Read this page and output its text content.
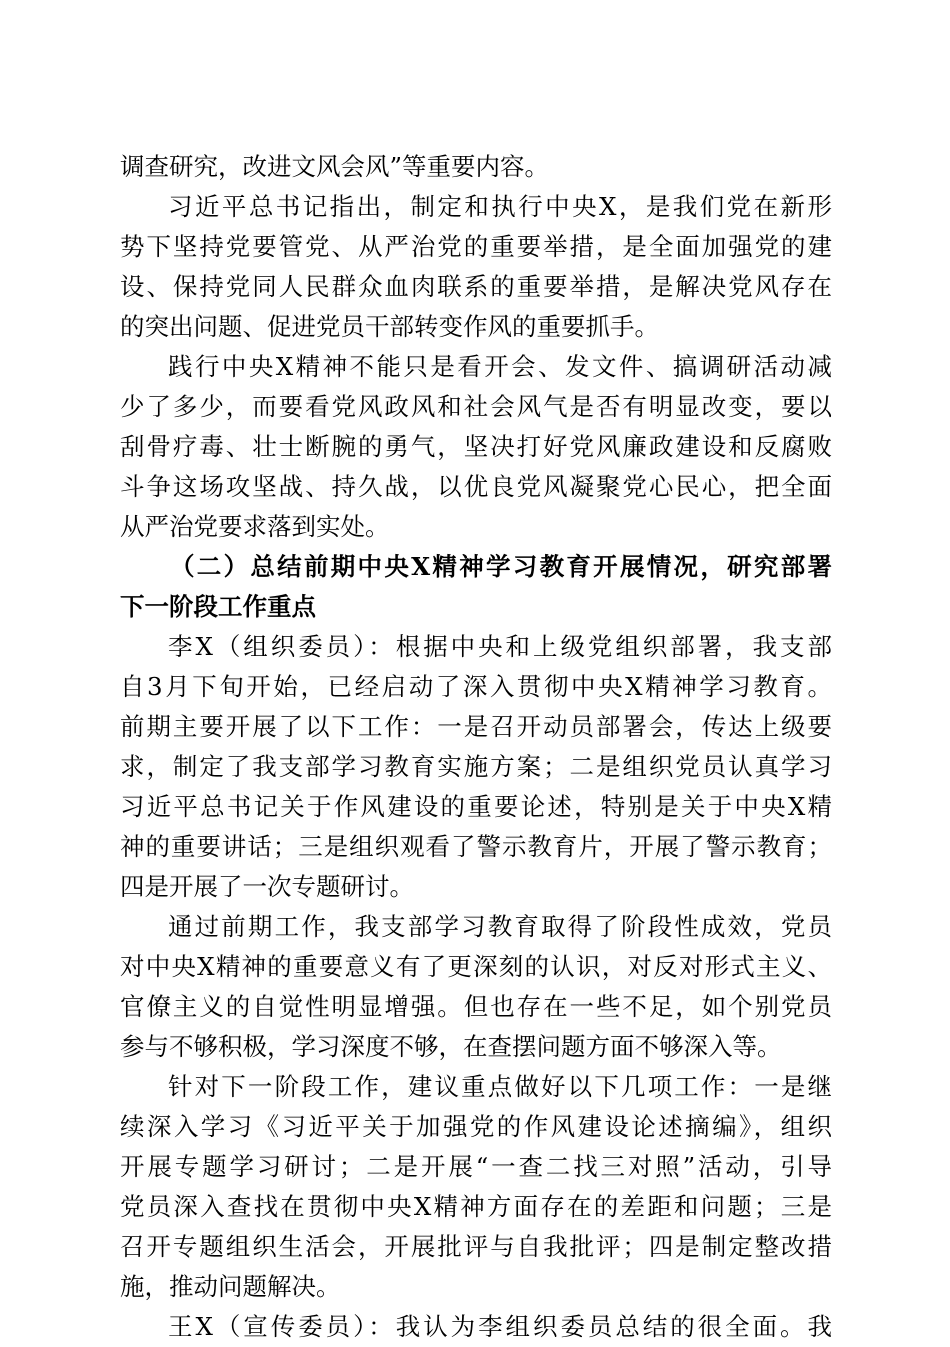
调查研究，改进文风会风”等重要内容。
习近平总书记指出，制定和执行中央X，是我们党在新形
势下坚持党要管党、从严治党的重要举措，是全面加强党的建
设、保持党同人民群众血肉联系的重要举措，是解决党风存在
的突出问题、促进党员干部转变作风的重要抓手。
践行中央X精神不能只是看开会、发文件、搞调研活动减
少了多少，而要看党风政风和社会风气是否有明显改变，要以
刮骨疗毒、壮士断腕的勇气，坚决打好党风廉政建设和反腐败
斗争这场攻坚战、持久战，以优良党风凝聚党心民心，把全面
从严治党要求落到实处。
（二）总结前期中央X精神学习教育开展情况，研究部署
下一阶段工作重点
李X（组织委员）：根据中央和上级党组织部署，我支部
自3月下旬开始，已经启动了深入贯彻中央X精神学习教育。
前期主要开展了以下工作：一是召开动员部署会，传达上级要
求，制定了我支部学习教育实施方案；二是组织党员认真学习
习近平总书记关于作风建设的重要论述，特别是关于中央X精
神的重要讲话；三是组织观看了警示教育片，开展了警示教育；
四是开展了一次专题研讨。
通过前期工作，我支部学习教育取得了阶段性成效，党员
对中央X精神的重要意义有了更深刻的认识，对反对形式主义、
官僚主义的自觉性明显增强。但也存在一些不足，如个别党员
参与不够积极，学习深度不够，在查摆问题方面不够深入等。
针对下一阶段工作，建议重点做好以下几项工作：一是继
续深入学习《习近平关于加强党的作风建设论述摘编》，组织
开展专题学习研讨；二是开展“一查二找三对照”活动，引导
党员深入查找在贯彻中央X精神方面存在的差距和问题；三是
召开专题组织生活会，开展批评与自我批评；四是制定整改措
施，推动问题解决。
王X（宣传委员）：我认为李组织委员总结的很全面。我
